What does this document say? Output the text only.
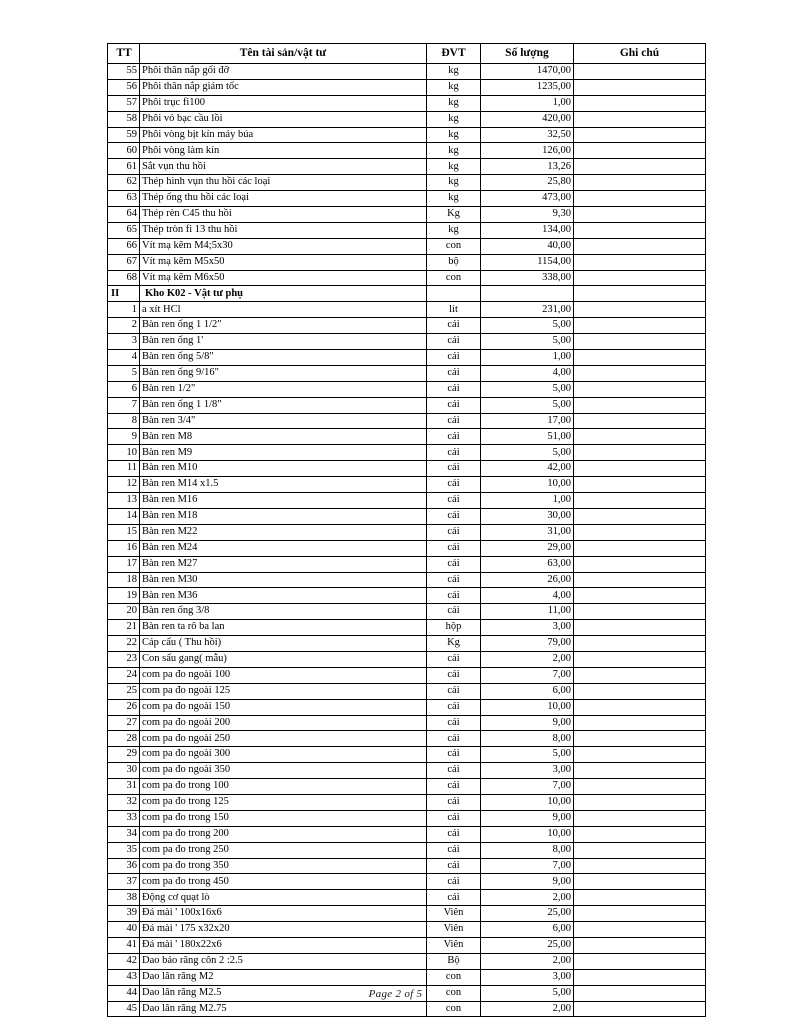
TT	Tên tài sản/vật tư	ĐVT	Số lượng	Ghi chú
55	Phôi thân nắp gối đỡ	kg	1470,00	
56	Phôi thân nắp giảm tốc	kg	1235,00	
57	Phôi trục fi100	kg	1,00	
58	Phôi vỏ bạc cầu lồi	kg	420,00	
59	Phôi vòng bịt kín máy búa	kg	32,50	
60	Phôi vòng làm kín	kg	126,00	
61	Sắt vụn thu hồi	kg	13,26	
62	Thép hình vụn thu hồi các loại	kg	25,80	
63	Thép ống thu hồi các loại	kg	473,00	
64	Thép rèn C45 thu hồi	Kg	9,30	
65	Thép tròn fi 13 thu hồi	kg	134,00	
66	Vít mạ kẽm M4;5x30	con	40,00	
67	Vít mạ kẽm M5x50	bộ	1154,00	
68	Vít mạ kẽm M6x50	con	338,00	
II	Kho K02 - Vật tư phụ			
1	a xít HCl	lít	231,00	
2	Bàn ren ống 1 1/2"	cái	5,00	
3	Bàn ren ống 1'	cái	5,00	
4	Bàn ren ống 5/8"	cái	1,00	
5	Bàn ren ống 9/16"	cái	4,00	
6	Bàn ren 1/2"	cái	5,00	
7	Bàn ren ống 1 1/8"	cái	5,00	
8	Bàn ren 3/4"	cái	17,00	
9	Bàn ren M8	cái	51,00	
10	Bàn ren M9	cái	5,00	
11	Bàn ren M10	cái	42,00	
12	Bàn ren M14 x1.5	cái	10,00	
13	Bàn ren M16	cái	1,00	
14	Bàn ren M18	cái	30,00	
15	Bàn ren M22	cái	31,00	
16	Bàn ren M24	cái	29,00	
17	Bàn ren M27	cái	63,00	
18	Bàn ren M30	cái	26,00	
19	Bàn ren M36	cái	4,00	
20	Bàn ren ống 3/8	cái	11,00	
21	Bàn ren ta rô ba lan	hộp	3,00	
22	Cáp cẩu ( Thu hồi)	Kg	79,00	
23	Con sấu gang( mẫu)	cái	2,00	
24	com pa đo ngoài 100	cái	7,00	
25	com pa đo ngoài 125	cái	6,00	
26	com pa đo ngoài 150	cái	10,00	
27	com pa đo ngoài 200	cái	9,00	
28	com pa đo ngoài 250	cái	8,00	
29	com pa đo ngoài 300	cái	5,00	
30	com pa đo ngoài 350	cái	3,00	
31	com pa đo trong 100	cái	7,00	
32	com pa đo trong 125	cái	10,00	
33	com pa đo trong 150	cái	9,00	
34	com pa đo trong 200	cái	10,00	
35	com pa đo trong 250	cái	8,00	
36	com pa đo trong 350	cái	7,00	
37	com pa đo trong 450	cái	9,00	
38	Động cơ quạt lò	cái	2,00	
39	Đá mài ' 100x16x6	Viên	25,00	
40	Đá mài ' 175 x32x20	Viên	6,00	
41	Đá mài ' 180x22x6	Viên	25,00	
42	Dao bảo răng côn 2 :2.5	Bộ	2,00	
43	Dao lăn răng M2	con	3,00	
44	Dao lăn răng M2.5	con	5,00	
45	Dao lăn răng M2.75	con	2,00	
Page 2 of 5
